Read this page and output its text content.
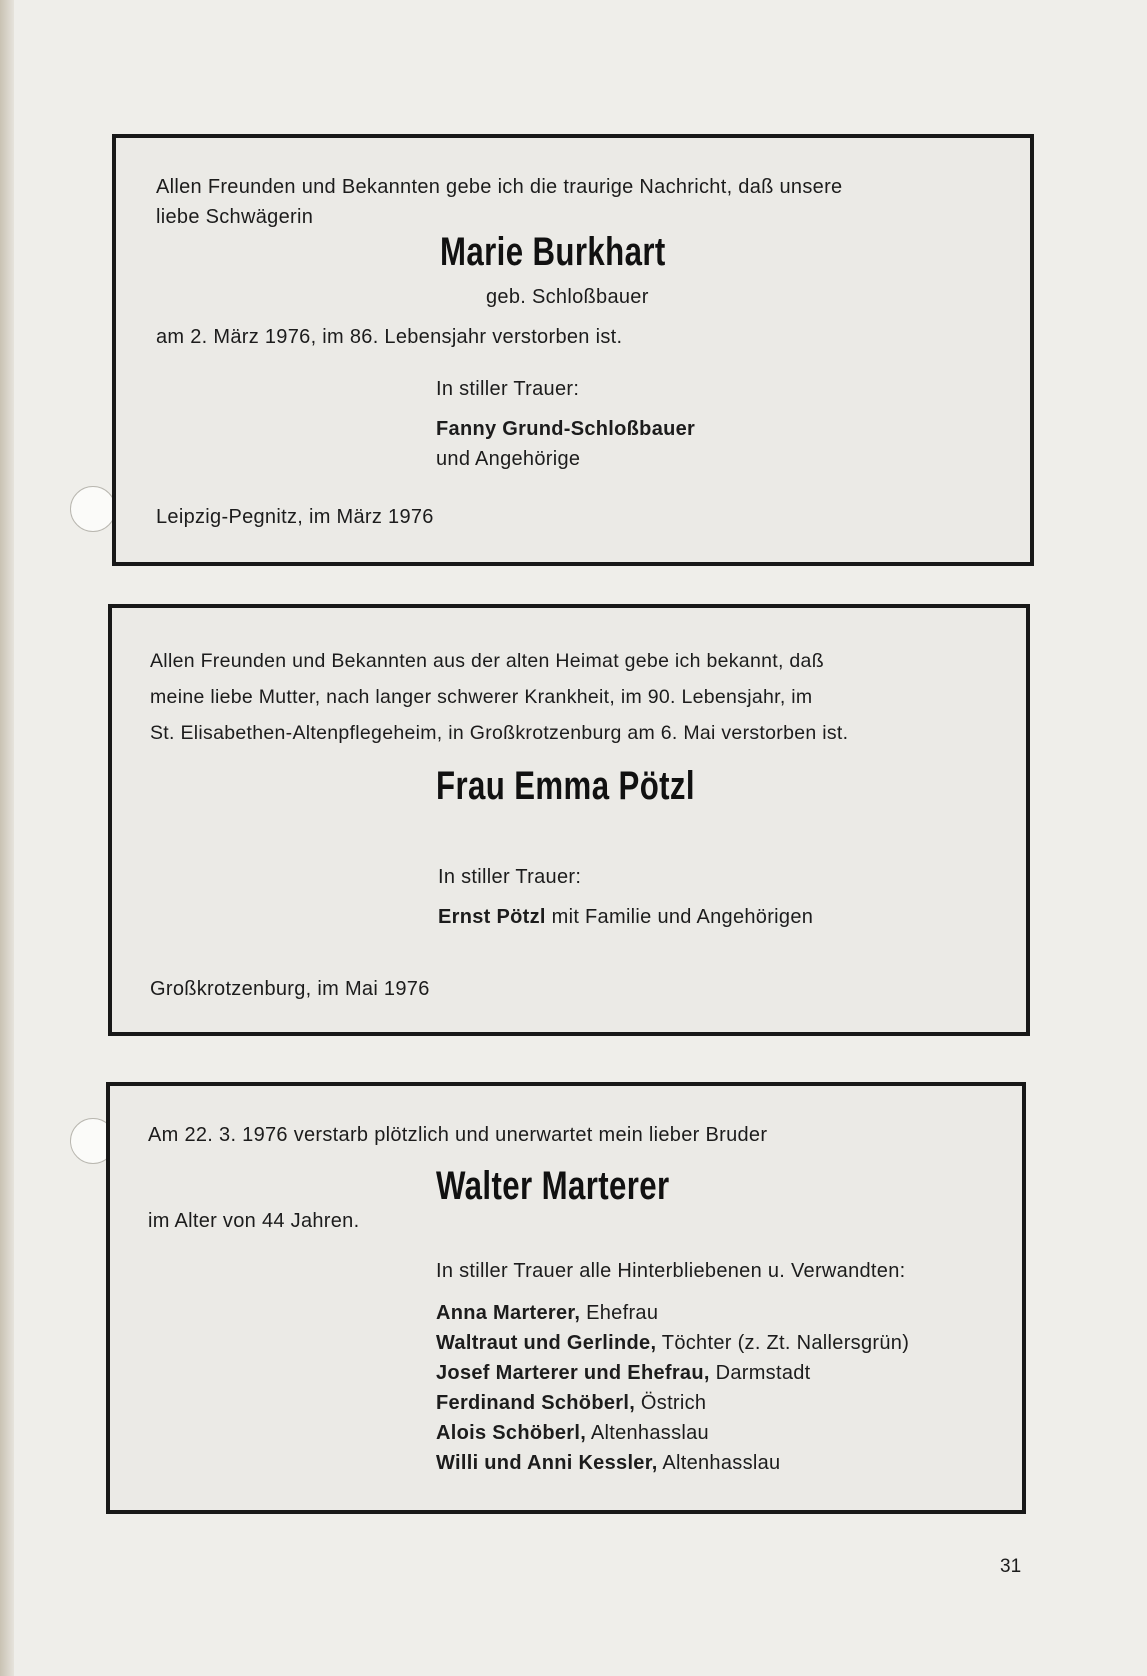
Allen Freunden und Bekannten gebe ich die traurige Nachricht, daß unsere
liebe Schwägerin
Marie Burkhart
geb. Schloßbauer
am 2. März 1976, im 86. Lebensjahr verstorben ist.
In stiller Trauer:
Fanny Grund-Schloßbauer
und Angehörige
Leipzig-Pegnitz, im März 1976
Allen Freunden und Bekannten aus der alten Heimat gebe ich bekannt, daß
meine liebe Mutter, nach langer schwerer Krankheit, im 90. Lebensjahr, im
St. Elisabethen-Altenpflegeheim, in Großkrotzenburg am 6. Mai verstorben ist.
Frau Emma Pötzl
In stiller Trauer:
Ernst Pötzl mit Familie und Angehörigen
Großkrotzenburg, im Mai 1976
Am 22. 3. 1976 verstarb plötzlich und unerwartet mein lieber Bruder
Walter Marterer
im Alter von 44 Jahren.
In stiller Trauer alle Hinterbliebenen u. Verwandten:
Anna Marterer, Ehefrau
Waltraut und Gerlinde, Töchter (z. Zt. Nallersgrün)
Josef Marterer und Ehefrau, Darmstadt
Ferdinand Schöberl, Östrich
Alois Schöberl, Altenhasslau
Willi und Anni Kessler, Altenhasslau
31
